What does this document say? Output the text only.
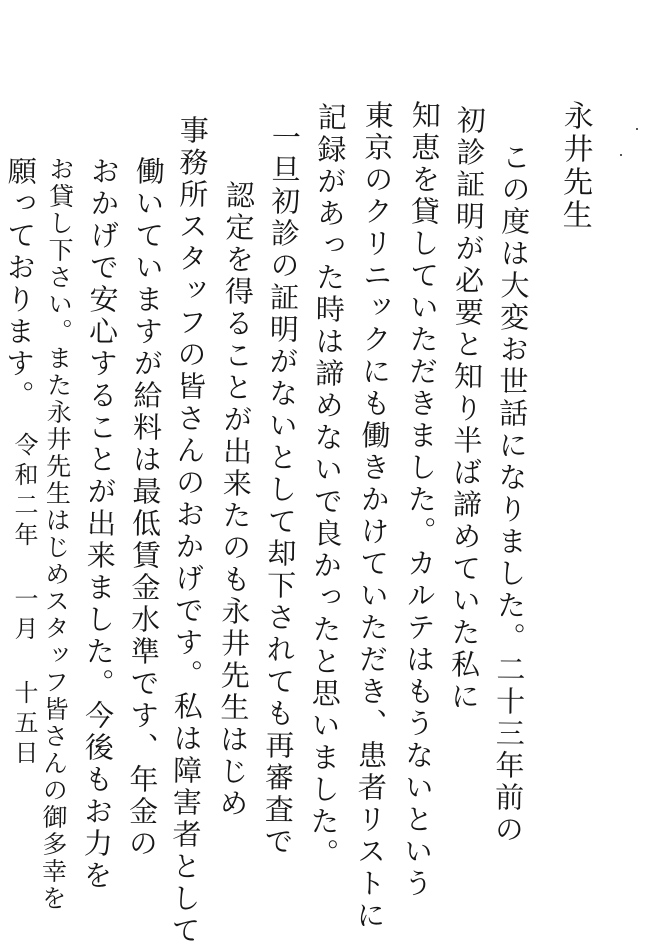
永井先生
この度は大変お世話になりました。二十三年前の
初診証明が必要と知り半ば諦めていた私に
知恵を貸していただきました。カルテはもうないという
東京のクリニックにも働きかけていただき、患者リストに
記録があった時は諦めないで良かったと思いました。
一旦初診の証明がないとして却下されても再審査で
認定を得ることが出来たのも永井先生はじめ
事務所スタッフの皆さんのおかげです。私は障害者として
働いていますが給料は最低賃金水準です、年金の
おかげで安心することが出来ました。今後もお力を
お貸し下さい。また永井先生はじめスタッフ皆さんの御多幸を
願っております。
令和二年 一月 十五日
